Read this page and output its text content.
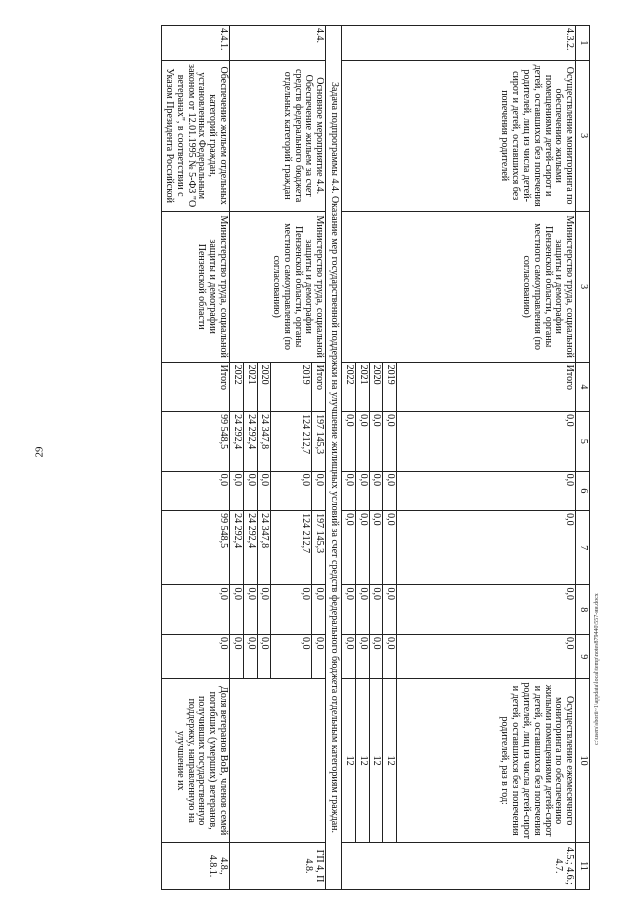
29
c:\users\sborii~1\appdata\local\temp\notes879440\557-ии.docx
1	3	3	4	5	6	7	8	9	10	11
4.3.2.	Осуществление мониторинга по обеспечению жилыми помещениями детей-сирот и детей, оставшихся без попечения родителей, лиц из числа детей-сирот и детей, оставшихся без попечения родителей	Министерство труда, социальной защиты и демографии Пензенской области, органы местного самоуправления (по согласованию)	Итого	0,0	0,0	0,0	0,0	0,0	Осуществление ежемесячного мониторинга по обеспечению жилыми помещениями детей-сирот и детей, оставшихся без попечения родителей, лиц из числа детей-сирот и детей, оставшихся без попечения родителей, раз в год:	4.5.; 4.6.; 4.7.
			2019	0,0	0,0	0,0	0,0	0,0	12	
			2020	0,0	0,0	0,0	0,0	0,0	12	
			2021	0,0	0,0	0,0	0,0	0,0	12	
			2022	0,0	0,0	0,0	0,0	0,0	12	
Задача подпрограммы 4.4. Оказание мер государственной поддержки на улучшение жилищных условий за счет средств федерального бюджета отдельным категориям граждан.										
4.4.	Основное мероприятие 4.4. Обеспечение жильем за счет средств федерального бюджета отдельных категорий граждан	Министерство труда, социальной защиты и демографии Пензенской области, органы местного самоуправления (по согласованию)	Итого	197 145,3	0,0	197 145,3	0,0	0,0		ГП 4, П 4.8.
			2019	124 212,7	0,0	124 212,7	0,0	0,0		
			2020	24 347,8	0,0	24 347,8	0,0	0,0		
			2021	24 292,4	0,0	24 292,4	0,0	0,0		
			2022	24 292,4	0,0	24 292,4	0,0	0,0		
4.4.1.	Обеспечение жильем отдельных категорий граждан, установленных Федеральным законом от 12.01.1995 № 5-ФЗ "О ветеранах", в соответствии с Указом Президента Российской	Министерство труда, социальной защиты и демографии Пензенской области	Итого	99 548,5	0,0	99 548,5	0,0	0,0	Доля ветеранов ВоВ, членов семей погибших (умерших) ветеранов, получивших государственную поддержку, направленную на улучшение их	4.8., 4.8.1.
